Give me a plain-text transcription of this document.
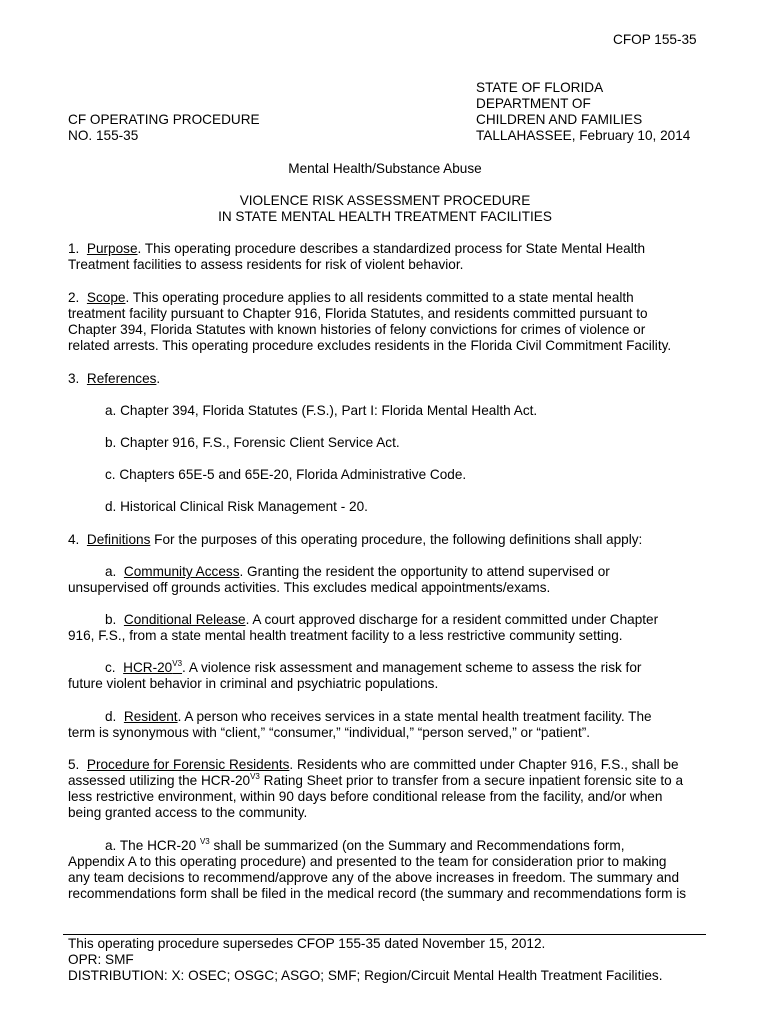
CFOP 155-35
STATE OF FLORIDA
DEPARTMENT OF
CHILDREN AND FAMILIES
TALLAHASSEE, February 10, 2014
CF OPERATING PROCEDURE
NO. 155-35
Mental Health/Substance Abuse
VIOLENCE RISK ASSESSMENT PROCEDURE
IN STATE MENTAL HEALTH TREATMENT FACILITIES
1. Purpose. This operating procedure describes a standardized process for State Mental Health
Treatment facilities to assess residents for risk of violent behavior.
2. Scope. This operating procedure applies to all residents committed to a state mental health
treatment facility pursuant to Chapter 916, Florida Statutes, and residents committed pursuant to
Chapter 394, Florida Statutes with known histories of felony convictions for crimes of violence or
related arrests. This operating procedure excludes residents in the Florida Civil Commitment Facility.
3. References.
a. Chapter 394, Florida Statutes (F.S.), Part I: Florida Mental Health Act.
b. Chapter 916, F.S., Forensic Client Service Act.
c. Chapters 65E-5 and 65E-20, Florida Administrative Code.
d. Historical Clinical Risk Management - 20.
4. Definitions For the purposes of this operating procedure, the following definitions shall apply:
a. Community Access. Granting the resident the opportunity to attend supervised or
unsupervised off grounds activities. This excludes medical appointments/exams.
b. Conditional Release. A court approved discharge for a resident committed under Chapter
916, F.S., from a state mental health treatment facility to a less restrictive community setting.
c. HCR-$20^{V3}$. A violence risk assessment and management scheme to assess the risk for
future violent behavior in criminal and psychiatric populations.
d. Resident. A person who receives services in a state mental health treatment facility. The
term is synonymous with “client,” “consumer,” “individual,” “person served,” or “patient”.
5. Procedure for Forensic Residents. Residents who are committed under Chapter 916, F.S., shall be
assessed utilizing the HCR-$20^{V3}$ Rating Sheet prior to transfer from a secure inpatient forensic site to a
less restrictive environment, within 90 days before conditional release from the facility, and/or when
being granted access to the community.
a. The HCR-20 $^{V3}$ shall be summarized (on the Summary and Recommendations form,
Appendix A to this operating procedure) and presented to the team for consideration prior to making
any team decisions to recommend/approve any of the above increases in freedom. The summary and
recommendations form shall be filed in the medical record (the summary and recommendations form is
This operating procedure supersedes CFOP 155-35 dated November 15, 2012.
OPR: SMF
DISTRIBUTION: X: OSEC; OSGC; ASGO; SMF; Region/Circuit Mental Health Treatment Facilities.
